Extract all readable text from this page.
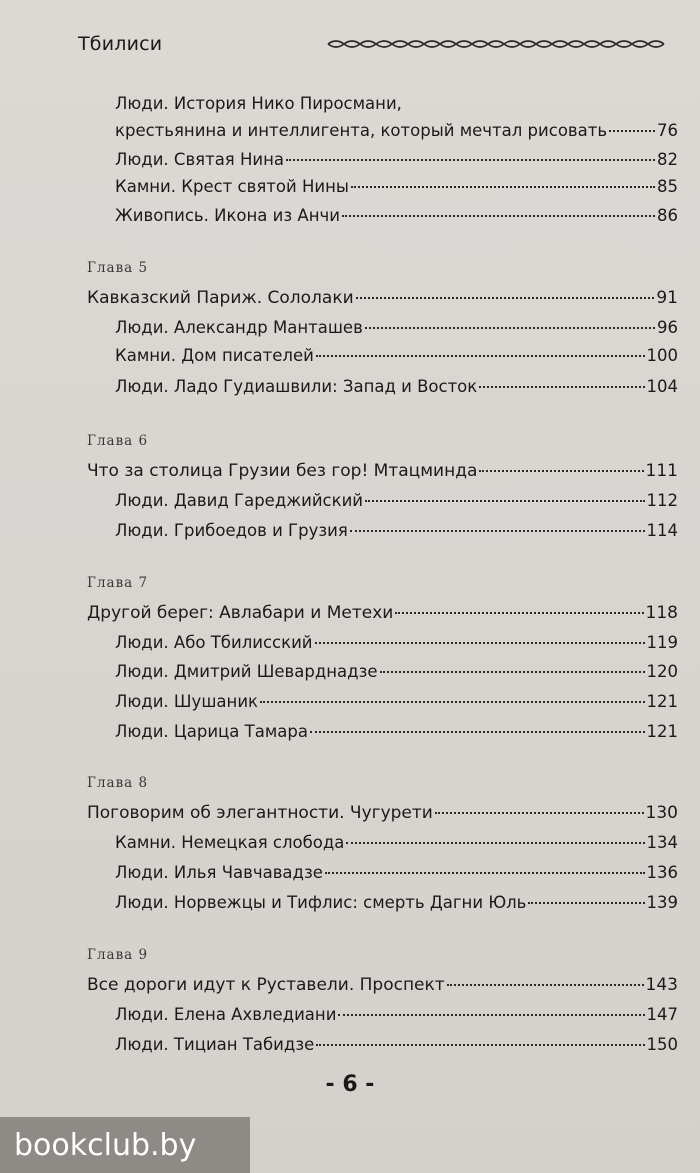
Тбилиси
Люди. История Нико Пиросмани,
крестьянина и интеллигента, который мечтал рисовать	76
Люди. Святая Нина	82
Камни. Крест святой Нины	85
Живопись. Икона из Анчи	86
Глава 5
Кавказский Париж. Сололаки	91
Люди. Александр Манташев	96
Камни. Дом писателей	100
Люди. Ладо Гудиашвили: Запад и Восток	104
Глава 6
Что за столица Грузии без гор! Мтацминда	111
Люди. Давид Гареджийский	112
Люди. Грибоедов и Грузия	114
Глава 7
Другой берег: Авлабари и Метехи	118
Люди. Або Тбилисский	119
Люди. Дмитрий Шеварднадзе	120
Люди. Шушаник	121
Люди. Царица Тамара	121
Глава 8
Поговорим об элегантности. Чугурети	130
Камни. Немецкая слобода	134
Люди. Илья Чавчавадзе	136
Люди. Норвежцы и Тифлис: смерть Дагни Юль	139
Глава 9
Все дороги идут к Руставели. Проспект	143
Люди. Елена Ахвледиани	147
Люди. Тициан Табидзе	150
- 6 -
bookclub.by
